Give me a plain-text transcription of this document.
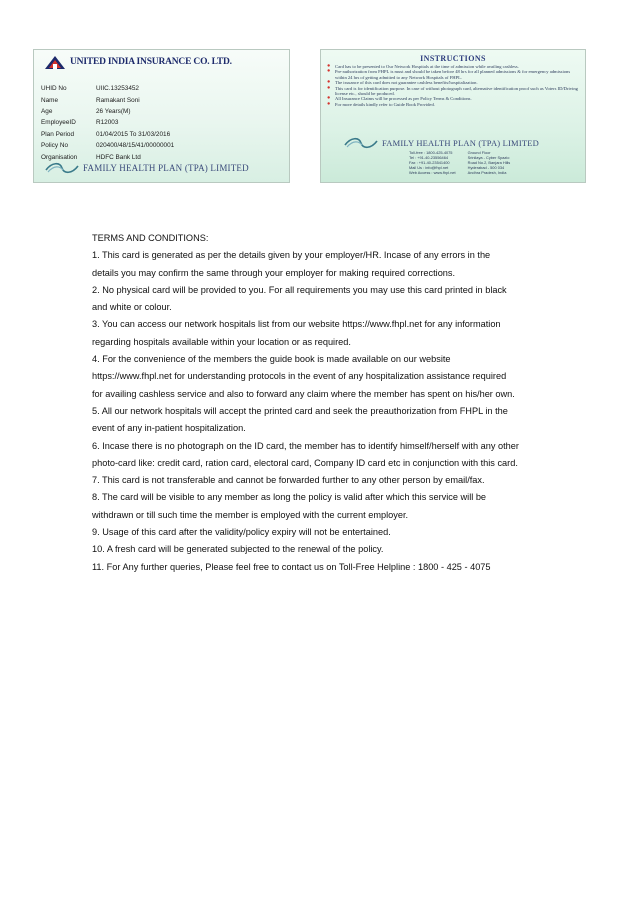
UNITED INDIA INSURANCE CO. LTD.
UHID No	UIIC.13253452
Name	Ramakant Soni
Age	26 Years(M)
EmployeeID	R12003
Plan Period	01/04/2015 To 31/03/2016
Policy No	020400/48/15/41/00000001
Organisation	HDFC Bank Ltd
FAMILY HEALTH PLAN (TPA) LIMITED
INSTRUCTIONS
●	Card has to be presented to Our Network Hospitals at the time of admission while availing cashless.
●	Pre-authorization from FHPL is must and should be taken before 48 hrs for all planned admissions & for emergency admissions within 24 hrs of getting admitted to any Network Hospitals of FHPL.
●	The issuance of this card does not guarantee cashless benefits/hospitalization.
●	This card is for identification purpose. In case of without photograph card, alternative identification proof such as Voters ID/Driving license etc., should be produced.
●	All Insurance Claims will be processed as per Policy Terms & Conditions.
●	For more details kindly refer to Guide Book Provided.
FAMILY HEALTH PLAN (TPA) LIMITED
Toll-free : 1800-425-4075
Tel : +91-40-23556464
Fax : +91-40-23541400
Mail Us : info@fhpl.net
Web Access : www.fhpl.net
Ground Floor
Srinilaya - Cyber Spazio
Road No.2, Banjara Hills
Hyderabad - 500 034
Andhra Pradesh, India

TERMS AND CONDITIONS:

1. This card is generated as per the details given by your employer/HR. Incase of any errors in the

details you may confirm the same through your employer for making required corrections.

2. No physical card will be provided to you. For all requirements you may use this card printed in black

and white or colour.

3. You can access our network hospitals list from our website https://www.fhpl.net for any information

regarding hospitals available within your location or as required.

4. For the convenience of the members the guide book is made available on our website

https://www.fhpl.net for understanding protocols in the event of any hospitalization assistance required

for availing cashless service and also to forward any claim where the member has spent on his/her own.

5. All our network hospitals will accept the printed card and seek the preauthorization from FHPL in the

event of any in-patient hospitalization.

6. Incase there is no photograph on the ID card, the member has to identify himself/herself with any other

photo-card like: credit card, ration card, electoral card, Company ID card etc in conjunction with this card.

7. This card is not transferable and cannot be forwarded further to any other person by email/fax.

8. The card will be visible to any member as long the policy is valid after which this service will be

withdrawn or till such time the member is employed with the current employer.

9. Usage of this card after the validity/policy expiry will not be entertained.

10. A fresh card will be generated subjected to the renewal of the policy.

11. For Any further queries, Please feel free to contact us on Toll-Free Helpline : 1800 - 425 - 4075
